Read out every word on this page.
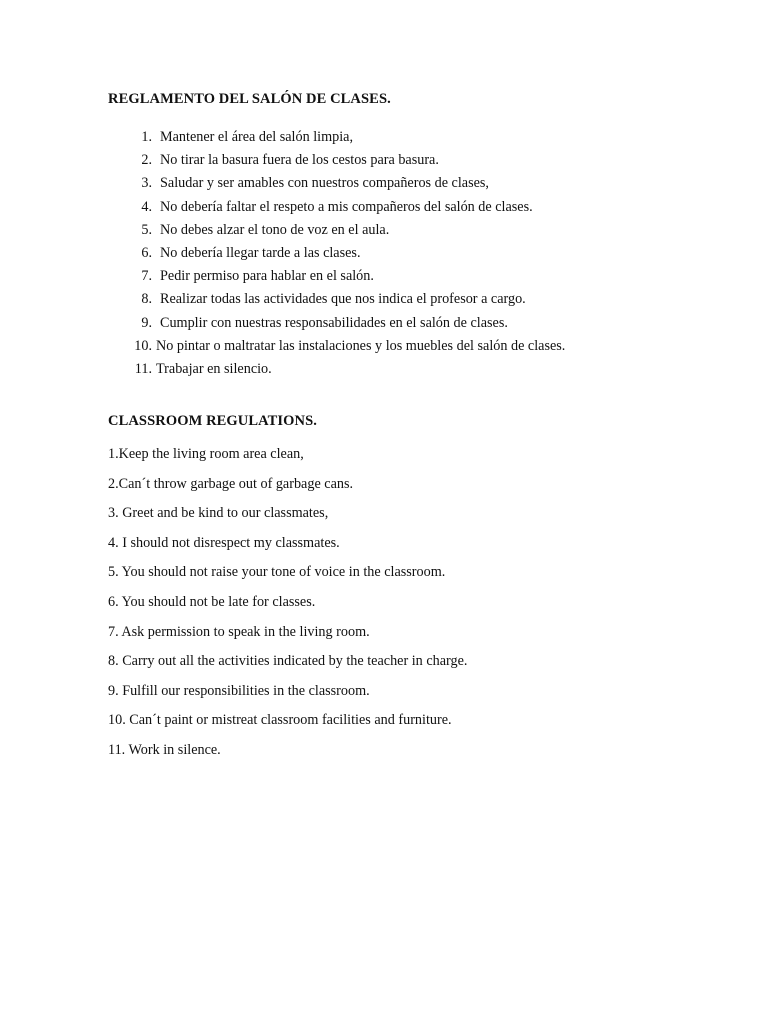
REGLAMENTO DEL SALÓN DE CLASES.
1. Mantener el área del salón limpia,
2. No tirar la basura fuera de los cestos para basura.
3. Saludar y ser amables con nuestros compañeros de clases,
4. No debería faltar el respeto a mis compañeros del salón de clases.
5. No debes alzar el tono de voz en el aula.
6. No debería llegar tarde a las clases.
7. Pedir permiso para hablar en el salón.
8. Realizar todas las actividades que nos indica el profesor a cargo.
9. Cumplir con nuestras responsabilidades en el salón de clases.
10. No pintar o maltratar las instalaciones y los muebles del salón de clases.
11. Trabajar en silencio.
CLASSROOM REGULATIONS.
1.Keep the living room area clean,
2.Can´t throw garbage out of garbage cans.
3. Greet and be kind to our classmates,
4. I should not disrespect my classmates.
5. You should not raise your tone of voice in the classroom.
6. You should not be late for classes.
7. Ask permission to speak in the living room.
8. Carry out all the activities indicated by the teacher in charge.
9. Fulfill our responsibilities in the classroom.
10. Can´t paint or mistreat classroom facilities and furniture.
11. Work in silence.
